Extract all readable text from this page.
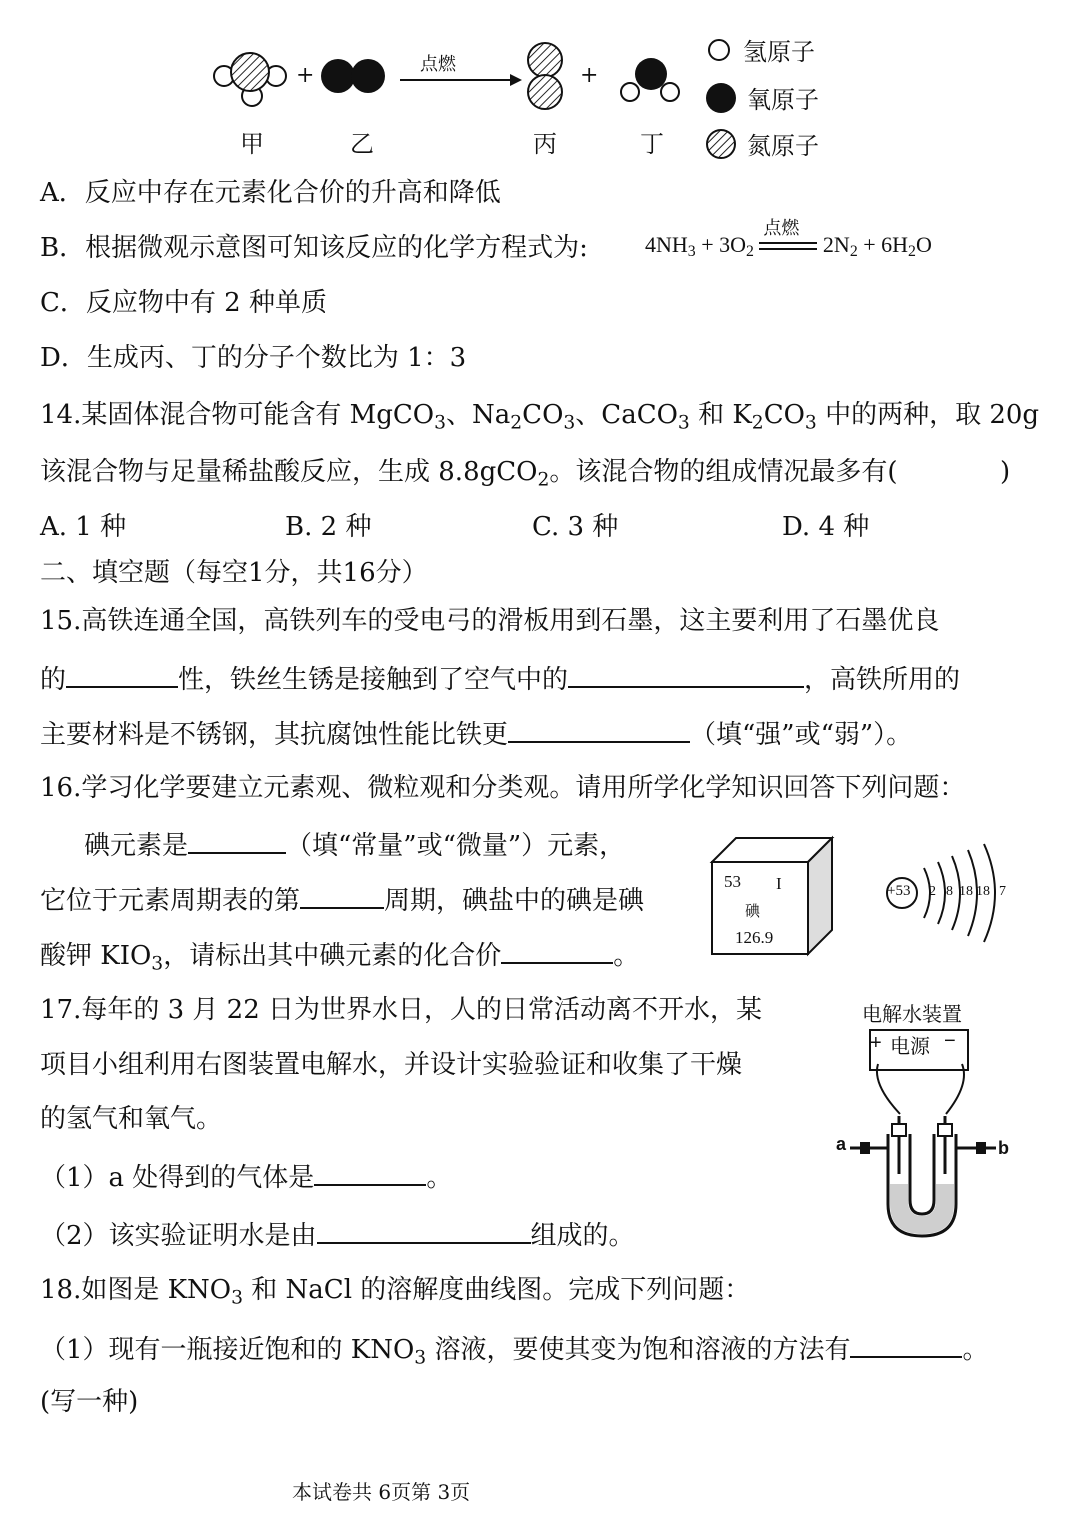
+	+
点燃
甲	乙	丙	丁
氢原子
氧原子
氮原子
A．反应中存在元素化合价的升高和降低
B．根据微观示意图可知该反应的化学方程式为:	$4NH_3 + 3O_2$
点燃
$2N_2 + 6H_2O$
C．反应物中有 2 种单质
D．生成丙、丁的分子个数比为 1：3
14.某固体混合物可能含有 MgCO$_3$、$Na_2CO_3$、CaCO$_3$ 和 $K_2CO_3$ 中的两种，取 20g
该混合物与足量稀盐酸反应，生成 8.8gCO$_2$。该混合物的组成情况最多有(	)
A. 1 种	B. 2 种	C. 3 种	D. 4 种
二、填空题（每空1分，共16分）
15.高铁连通全国，高铁列车的受电弓的滑板用到石墨，这主要利用了石墨优良
的	性，铁丝生锈是接触到了空气中的	，高铁所用的
主要材料是不锈钢，其抗腐蚀性能比铁更	（填“强”或“弱”）。
16.学习化学要建立元素观、微粒观和分类观。请用所学化学知识回答下列问题：
碘元素是	（填“常量”或“微量”）元素，
它位于元素周期表的第	周期，碘盐中的碘是碘
酸钾 $KIO_3$，请标出其中碘元素的化合价	。
53 I
碘
126.9
+53 2 8 18 18 7
17.每年的 3 月 22 日为世界水日，人的日常活动离不开水，某
项目小组利用右图装置电解水，并设计实验验证和收集了干燥
的氢气和氧气。
（1）a 处得到的气体是	。
（2）该实验证明水是由	组成的。
电解水装置
+ 电源 −
a	b
18.如图是 $KNO_3$ 和 NaCl 的溶解度曲线图。完成下列问题：
（1）现有一瓶接近饱和的 $KNO_3$ 溶液，要使其变为饱和溶液的方法有	。
(写一种)
本试卷共 6页第 3页
